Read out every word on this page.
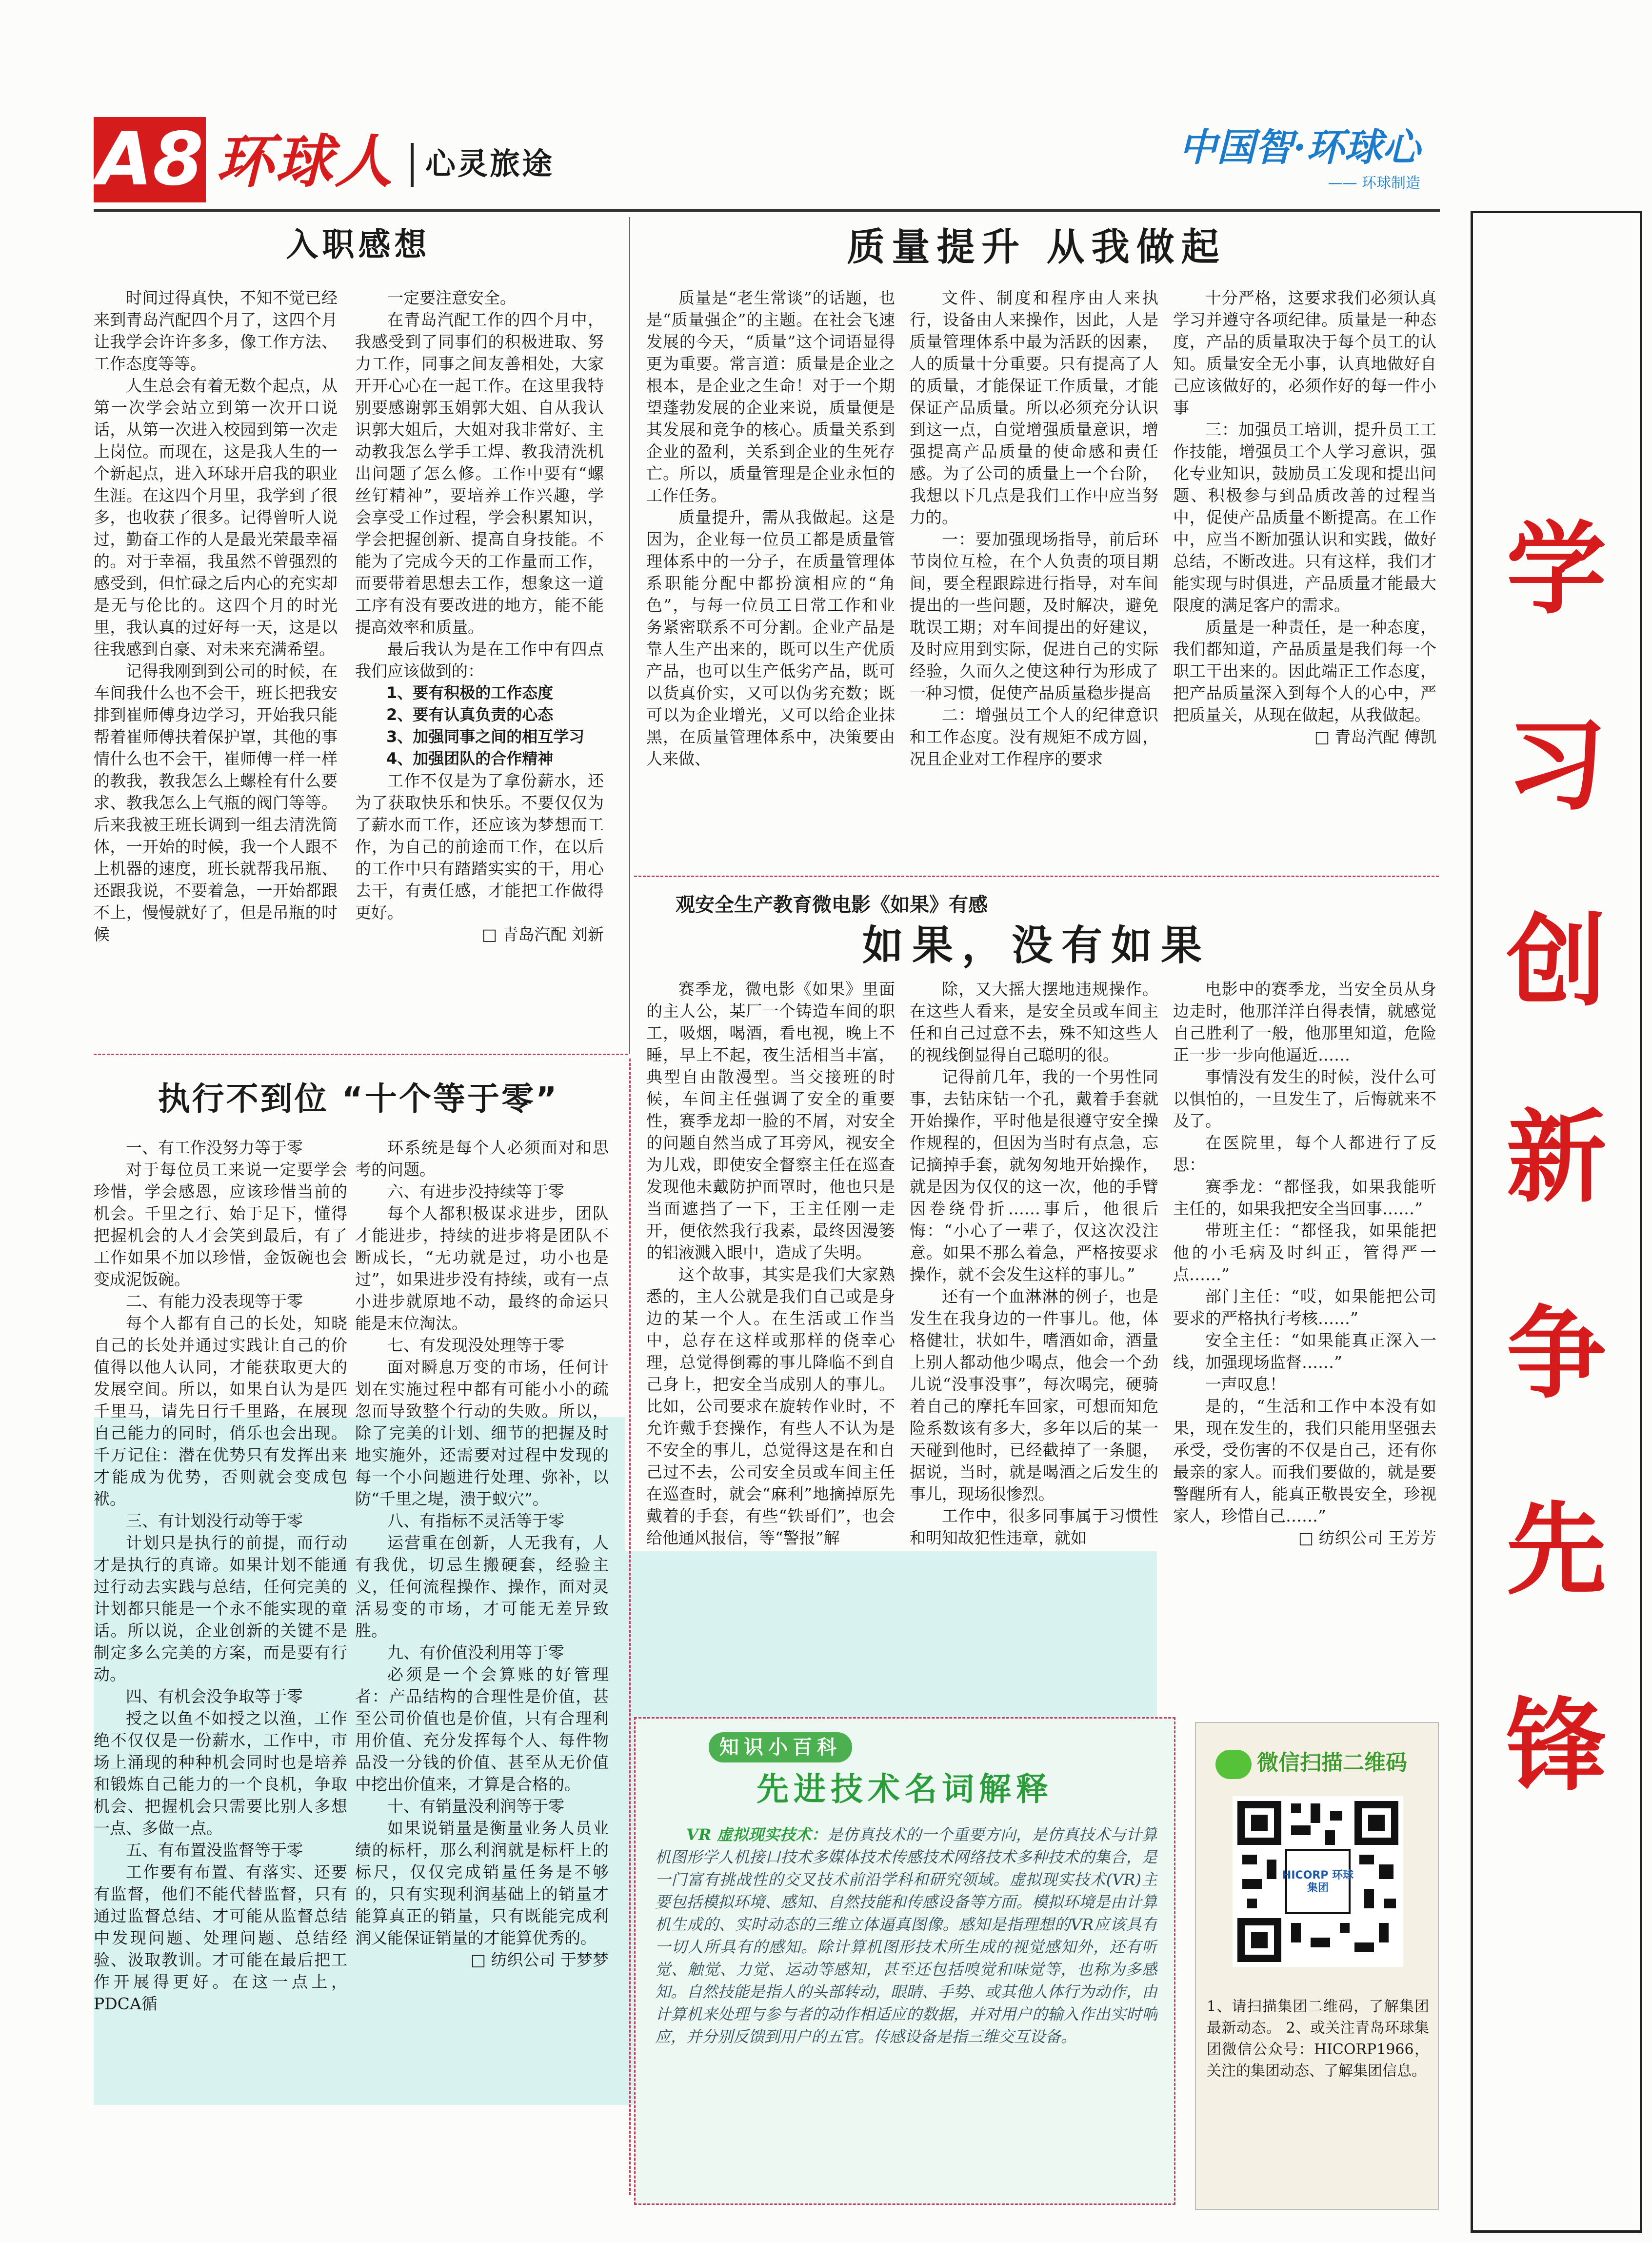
A8 环球人 心灵旅途	中国智·环球心
—— 环球制造
学
习
创
新
争
先
锋
入职感想

时间过得真快，不知不觉已经来到青岛汽配四个月了，这四个月让我学会许许多多，像工作方法、工作态度等等。

人生总会有着无数个起点，从第一次学会站立到第一次开口说话，从第一次进入校园到第一次走上岗位。而现在，这是我人生的一个新起点，进入环球开启我的职业生涯。在这四个月里，我学到了很多，也收获了很多。记得曾听人说过，勤奋工作的人是最光荣最幸福的。对于幸福，我虽然不曾强烈的感受到，但忙碌之后内心的充实却是无与伦比的。这四个月的时光里，我认真的过好每一天，这是以往我感到自豪、对未来充满希望。

记得我刚到到公司的时候，在车间我什么也不会干，班长把我安排到崔师傅身边学习，开始我只能帮着崔师傅扶着保护罩，其他的事情什么也不会干，崔师傅一样一样的教我，教我怎么上螺栓有什么要求、教我怎么上气瓶的阀门等等。后来我被王班长调到一组去清洗筒体，一开始的时候，我一个人跟不上机器的速度，班长就帮我吊瓶、还跟我说，不要着急，一开始都跟不上，慢慢就好了，但是吊瓶的时候

一定要注意安全。

在青岛汽配工作的四个月中，我感受到了同事们的积极进取、努力工作，同事之间友善相处，大家开开心心在一起工作。在这里我特别要感谢郭玉娟郭大姐、自从我认识郭大姐后，大姐对我非常好、主动教我怎么学手工焊、教我清洗机出问题了怎么修。工作中要有“螺丝钉精神”，要培养工作兴趣，学会享受工作过程，学会积累知识，学会把握创新、提高自身技能。不能为了完成今天的工作量而工作，而要带着思想去工作，想象这一道工序有没有要改进的地方，能不能提高效率和质量。

最后我认为是在工作中有四点我们应该做到的：

1、要有积极的工作态度

2、要有认真负责的心态

3、加强同事之间的相互学习

4、加强团队的合作精神

工作不仅是为了拿份薪水，还为了获取快乐和快乐。不要仅仅为了薪水而工作，还应该为梦想而工作，为自己的前途而工作，在以后的工作中只有踏踏实实的干，用心去干，有责任感，才能把工作做得更好。

□ 青岛汽配 刘新

执行不到位 “十个等于零”

一、有工作没努力等于零

对于每位员工来说一定要学会珍惜，学会感恩，应该珍惜当前的机会。千里之行、始于足下，懂得把握机会的人才会笑到最后，有了工作如果不加以珍惜，金饭碗也会变成泥饭碗。

二、有能力没表现等于零

每个人都有自己的长处，知晓自己的长处并通过实践让自己的价值得以他人认同，才能获取更大的发展空间。所以，如果自认为是匹千里马，请先日行千里路，在展现自己能力的同时，俏乐也会出现。千万记住：潜在优势只有发挥出来才能成为优势，否则就会变成包袱。

三、有计划没行动等于零

计划只是执行的前提，而行动才是执行的真谛。如果计划不能通过行动去实践与总结，任何完美的计划都只能是一个永不能实现的童话。所以说，企业创新的关键不是制定多么完美的方案，而是要有行动。

四、有机会没争取等于零

授之以鱼不如授之以渔，工作绝不仅仅是一份薪水，工作中，市场上涌现的种种机会同时也是培养和锻炼自己能力的一个良机，争取机会、把握机会只需要比别人多想一点、多做一点。

五、有布置没监督等于零

工作要有布置、有落实、还要有监督，他们不能代替监督，只有通过监督总结、才可能从监督总结中发现问题、处理问题、总结经验、汲取教训。才可能在最后把工作开展得更好。在这一点上，PDCA循

环系统是每个人必须面对和思考的问题。

六、有进步没持续等于零

每个人都积极谋求进步，团队才能进步，持续的进步将是团队不断成长，“无功就是过，功小也是过”，如果进步没有持续，或有一点小进步就原地不动，最终的命运只能是末位淘汰。

七、有发现没处理等于零

面对瞬息万变的市场，任何计划在实施过程中都有可能小小的疏忽而导致整个行动的失败。所以，除了完美的计划、细节的把握及时地实施外，还需要对过程中发现的每一个小问题进行处理、弥补，以防“千里之堤，溃于蚁穴”。

八、有指标不灵活等于零

运营重在创新，人无我有，人有我优，切忌生搬硬套，经验主义，任何流程操作、操作，面对灵活易变的市场，才可能无差异致胜。

九、有价值没利用等于零

必须是一个会算账的好管理者：产品结构的合理性是价值，甚至公司价值也是价值，只有合理利用价值、充分发挥每个人、每件物品没一分钱的价值、甚至从无价值中挖出价值来，才算是合格的。

十、有销量没利润等于零

如果说销量是衡量业务人员业绩的标杆，那么利润就是标杆上的标尺，仅仅完成销量任务是不够的，只有实现利润基础上的销量才能算真正的销量，只有既能完成利润又能保证销量的才能算优秀的。

□ 纺织公司 于梦梦

质量提升 从我做起

质量是“老生常谈”的话题，也是“质量强企”的主题。在社会飞速发展的今天，“质量”这个词语显得更为重要。常言道：质量是企业之根本，是企业之生命！对于一个期望蓬勃发展的企业来说，质量便是其发展和竞争的核心。质量关系到企业的盈利，关系到企业的生死存亡。所以，质量管理是企业永恒的工作任务。

质量提升，需从我做起。这是因为，企业每一位员工都是质量管理体系中的一分子，在质量管理体系职能分配中都扮演相应的“角色”，与每一位员工日常工作和业务紧密联系不可分割。企业产品是靠人生产出来的，既可以生产优质产品，也可以生产低劣产品，既可以货真价实，又可以伪劣充数；既可以为企业增光，又可以给企业抹黑，在质量管理体系中，决策要由人来做、

文件、制度和程序由人来执行，设备由人来操作，因此，人是质量管理体系中最为活跃的因素，人的质量十分重要。只有提高了人的质量，才能保证工作质量，才能保证产品质量。所以必须充分认识到这一点，自觉增强质量意识，增强提高产品质量的使命感和责任感。为了公司的质量上一个台阶，我想以下几点是我们工作中应当努力的。

一：要加强现场指导，前后环节岗位互检，在个人负责的项目期间，要全程跟踪进行指导，对车间提出的一些问题，及时解决，避免耽误工期；对车间提出的好建议，及时应用到实际，促进自己的实际经验，久而久之使这种行为形成了一种习惯，促使产品质量稳步提高

二：增强员工个人的纪律意识和工作态度。没有规矩不成方圆，况且企业对工作程序的要求

十分严格，这要求我们必须认真学习并遵守各项纪律。质量是一种态度，产品的质量取决于每个员工的认知。质量安全无小事，认真地做好自己应该做好的，必须作好的每一件小事

三：加强员工培训，提升员工工作技能，增强员工个人学习意识，强化专业知识，鼓励员工发现和提出问题、积极参与到品质改善的过程当中，促使产品质量不断提高。在工作中，应当不断加强认识和实践，做好总结，不断改进。只有这样，我们才能实现与时俱进，产品质量才能最大限度的满足客户的需求。

质量是一种责任，是一种态度，我们都知道，产品质量是我们每一个职工干出来的。因此端正工作态度，把产品质量深入到每个人的心中，严把质量关，从现在做起，从我做起。

□ 青岛汽配 傅凯

观安全生产教育微电影《如果》有感
如果，没有如果

赛季龙，微电影《如果》里面的主人公，某厂一个铸造车间的职工，吸烟，喝酒，看电视，晚上不睡，早上不起，夜生活相当丰富，典型自由散漫型。当交接班的时候，车间主任强调了安全的重要性，赛季龙却一脸的不屑，对安全的问题自然当成了耳旁风，视安全为儿戏，即使安全督察主任在巡查发现他未戴防护面罩时，他也只是当面遮挡了一下，王主任刚一走开，便依然我行我素，最终因漫篓的铝液溅入眼中，造成了失明。

这个故事，其实是我们大家熟悉的，主人公就是我们自己或是身边的某一个人。在生活或工作当中，总存在这样或那样的侥幸心理，总觉得倒霉的事儿降临不到自己身上，把安全当成别人的事儿。比如，公司要求在旋转作业时，不允许戴手套操作，有些人不认为是不安全的事儿，总觉得这是在和自己过不去，公司安全员或车间主任在巡查时，就会“麻利”地摘掉原先戴着的手套，有些“铁哥们”，也会给他通风报信，等“警报”解

除，又大摇大摆地违规操作。在这些人看来，是安全员或车间主任和自己过意不去，殊不知这些人的视线倒显得自己聪明的很。

记得前几年，我的一个男性同事，去钻床钻一个孔，戴着手套就开始操作，平时他是很遵守安全操作规程的，但因为当时有点急，忘记摘掉手套，就匆匆地开始操作，就是因为仅仅的这一次，他的手臂因卷绕骨折……事后，他很后悔：“小心了一辈子，仅这次没注意。如果不那么着急，严格按要求操作，就不会发生这样的事儿。”

还有一个血淋淋的例子，也是发生在我身边的一件事儿。他，体格健壮，状如牛，嗜酒如命，酒量上别人都动他少喝点，他会一个劲儿说“没事没事”，每次喝完，硬骑着自己的摩托车回家，可想而知危险系数该有多大，多年以后的某一天碰到他时，已经截掉了一条腿，据说，当时，就是喝酒之后发生的事儿，现场很惨烈。

工作中，很多同事属于习惯性和明知故犯性违章，就如

电影中的赛季龙，当安全员从身边走时，他那洋洋自得表情，就感觉自己胜利了一般，他那里知道，危险正一步一步向他逼近……

事情没有发生的时候，没什么可以惧怕的，一旦发生了，后悔就来不及了。

在医院里，每个人都进行了反思：

赛季龙：“都怪我，如果我能听主任的，如果我把安全当回事……”

带班主任：“都怪我，如果能把他的小毛病及时纠正，管得严一点……”

部门主任：“哎，如果能把公司要求的严格执行考核……”

安全主任：“如果能真正深入一线，加强现场监督……”

一声叹息！

是的，“生活和工作中本没有如果，现在发生的，我们只能用坚强去承受，受伤害的不仅是自己，还有你最亲的家人。而我们要做的，就是要警醒所有人，能真正敬畏安全，珍视家人，珍惜自己……”

□ 纺织公司 王芳芳

知识小百科
先进技术名词解释
VR 虚拟现实技术：是仿真技术的一个重要方向，是仿真技术与计算机图形学人机接口技术多媒体技术传感技术网络技术多种技术的集合，是一门富有挑战性的交叉技术前沿学科和研究领域。虚拟现实技术(VR)主要包括模拟环境、感知、自然技能和传感设备等方面。模拟环境是由计算机生成的、实时动态的三维立体逼真图像。感知是指理想的VR应该具有一切人所具有的感知。除计算机图形技术所生成的视觉感知外，还有听觉、触觉、力觉、运动等感知，甚至还包括嗅觉和味觉等，也称为多感知。自然技能是指人的头部转动，眼睛、手势、或其他人体行为动作，由计算机来处理与参与者的动作相适应的数据，并对用户的输入作出实时响应，并分别反馈到用户的五官。传感设备是指三维交互设备。
微信扫描二维码
HICORP 环球集团
1、请扫描集团二维码，了解集团最新动态。 2、或关注青岛环球集团微信公众号：HICORP1966，关注的集团动态、了解集团信息。
